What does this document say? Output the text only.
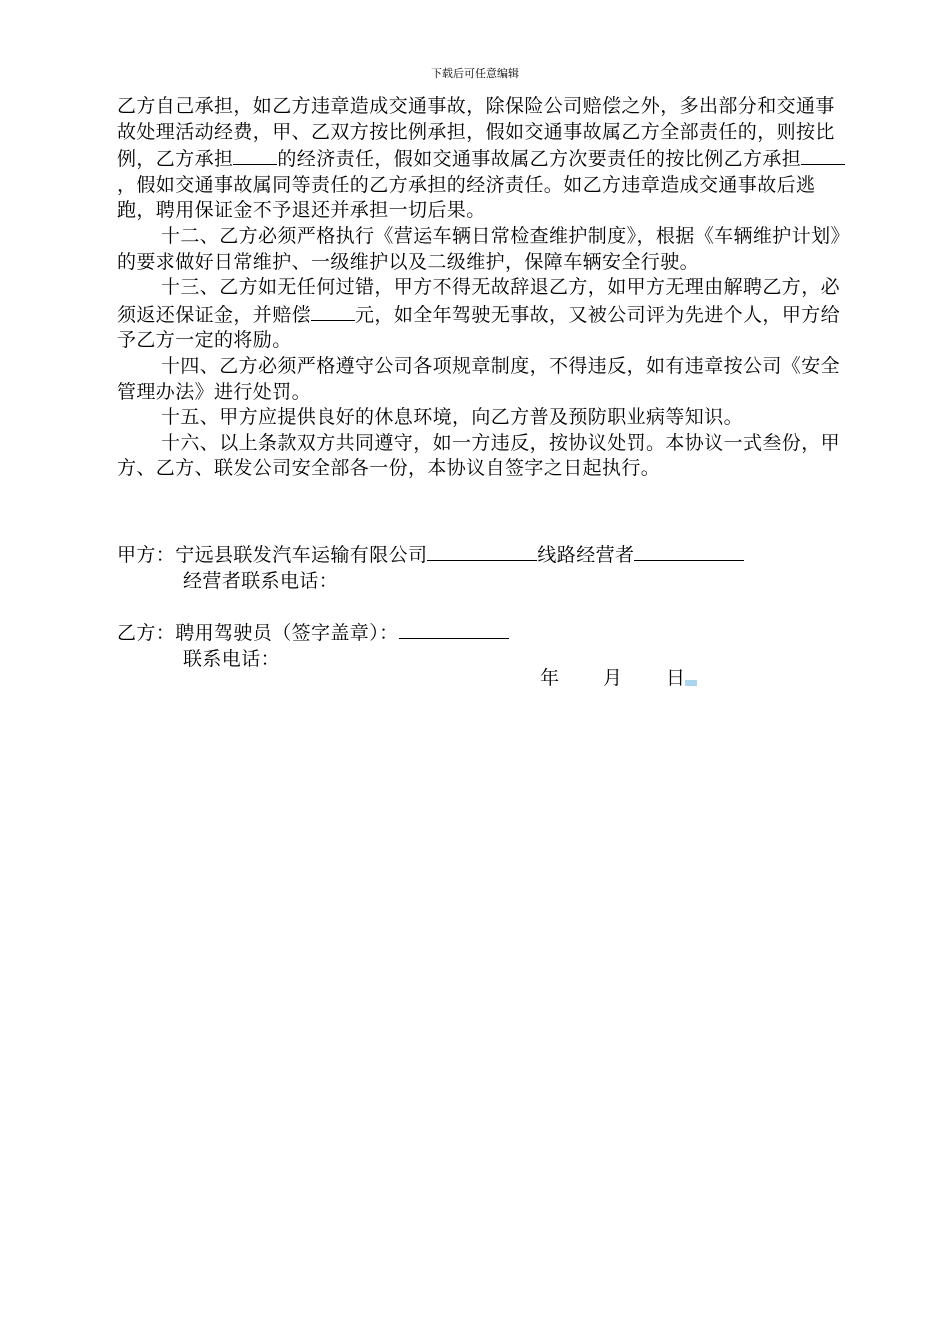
下载后可任意编辑

乙方自己承担，如乙方违章造成交通事故，除保险公司赔偿之外，多出部分和交通事故处理活动经费，甲、乙双方按比例承担，假如交通事故属乙方全部责任的，则按比例，乙方承担 的经济责任，假如交通事故属乙方次要责任的按比例乙方承担，假如交通事故属同等责任的乙方承担的经济责任。如乙方违章造成交通事故后逃跑，聘用保证金不予退还并承担一切后果。

十二、乙方必须严格执行《营运车辆日常检查维护制度》，根据《车辆维护计划》的要求做好日常维护、一级维护以及二级维护，保障车辆安全行驶。

十三、乙方如无任何过错，甲方不得无故辞退乙方，如甲方无理由解聘乙方，必须返还保证金，并赔偿 元，如全年驾驶无事故，又被公司评为先进个人，甲方给予乙方一定的将励。

十四、乙方必须严格遵守公司各项规章制度，不得违反，如有违章按公司《安全管理办法》进行处罚。

十五、甲方应提供良好的休息环境，向乙方普及预防职业病等知识。

十六、以上条款双方共同遵守，如一方违反，按协议处罚。本协议一式叁份，甲方、乙方、联发公司安全部各一份，本协议自签字之日起执行。

甲方：宁远县联发汽车运输有限公司	线路经营者
经营者联系电话：
乙方：聘用驾驶员（签字盖章）：
联系电话：
年 月 日
